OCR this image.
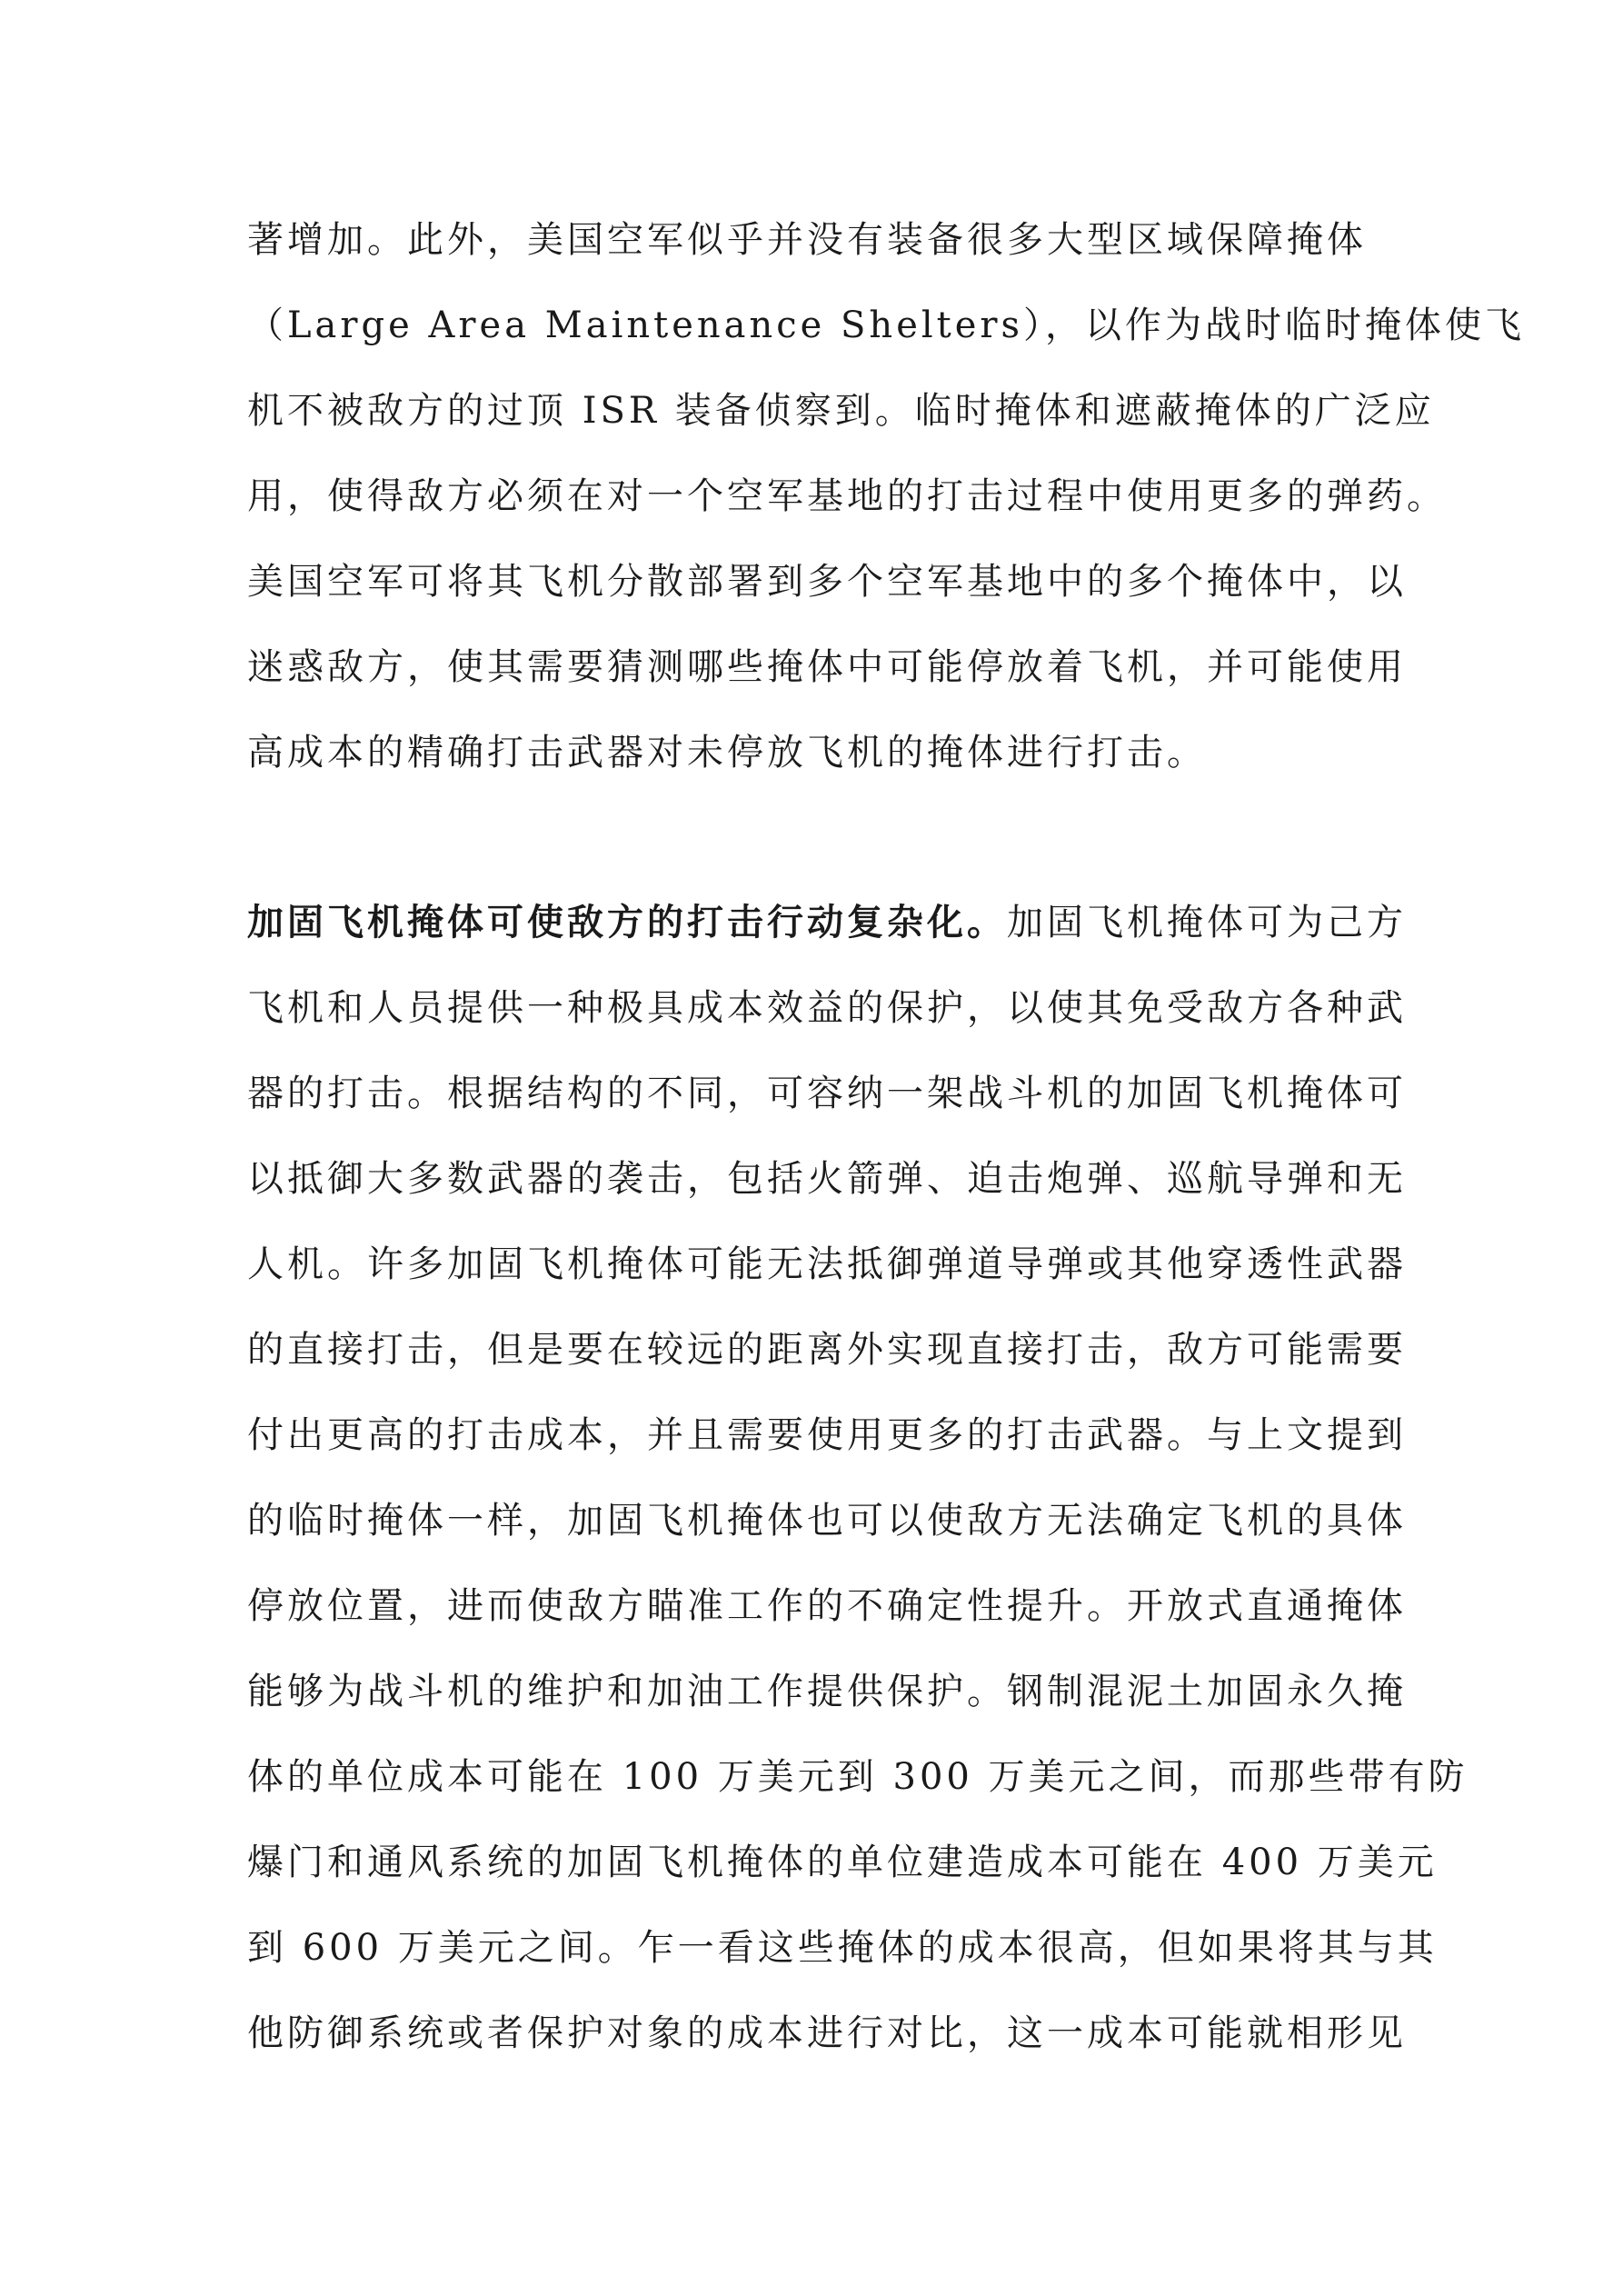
著增加。此外，美国空军似乎并没有装备很多大型区域保障掩体
（Large Area Maintenance Shelters），以作为战时临时掩体使飞
机不被敌方的过顶 ISR 装备侦察到。临时掩体和遮蔽掩体的广泛应
用，使得敌方必须在对一个空军基地的打击过程中使用更多的弹药。
美国空军可将其飞机分散部署到多个空军基地中的多个掩体中，以
迷惑敌方，使其需要猜测哪些掩体中可能停放着飞机，并可能使用
高成本的精确打击武器对未停放飞机的掩体进行打击。
加固飞机掩体可使敌方的打击行动复杂化。加固飞机掩体可为己方
飞机和人员提供一种极具成本效益的保护，以使其免受敌方各种武
器的打击。根据结构的不同，可容纳一架战斗机的加固飞机掩体可
以抵御大多数武器的袭击，包括火箭弹、迫击炮弹、巡航导弹和无
人机。许多加固飞机掩体可能无法抵御弹道导弹或其他穿透性武器
的直接打击，但是要在较远的距离外实现直接打击，敌方可能需要
付出更高的打击成本，并且需要使用更多的打击武器。与上文提到
的临时掩体一样，加固飞机掩体也可以使敌方无法确定飞机的具体
停放位置，进而使敌方瞄准工作的不确定性提升。开放式直通掩体
能够为战斗机的维护和加油工作提供保护。钢制混泥土加固永久掩
体的单位成本可能在 100 万美元到 300 万美元之间，而那些带有防
爆门和通风系统的加固飞机掩体的单位建造成本可能在 400 万美元
到 600 万美元之间。乍一看这些掩体的成本很高，但如果将其与其
他防御系统或者保护对象的成本进行对比，这一成本可能就相形见
